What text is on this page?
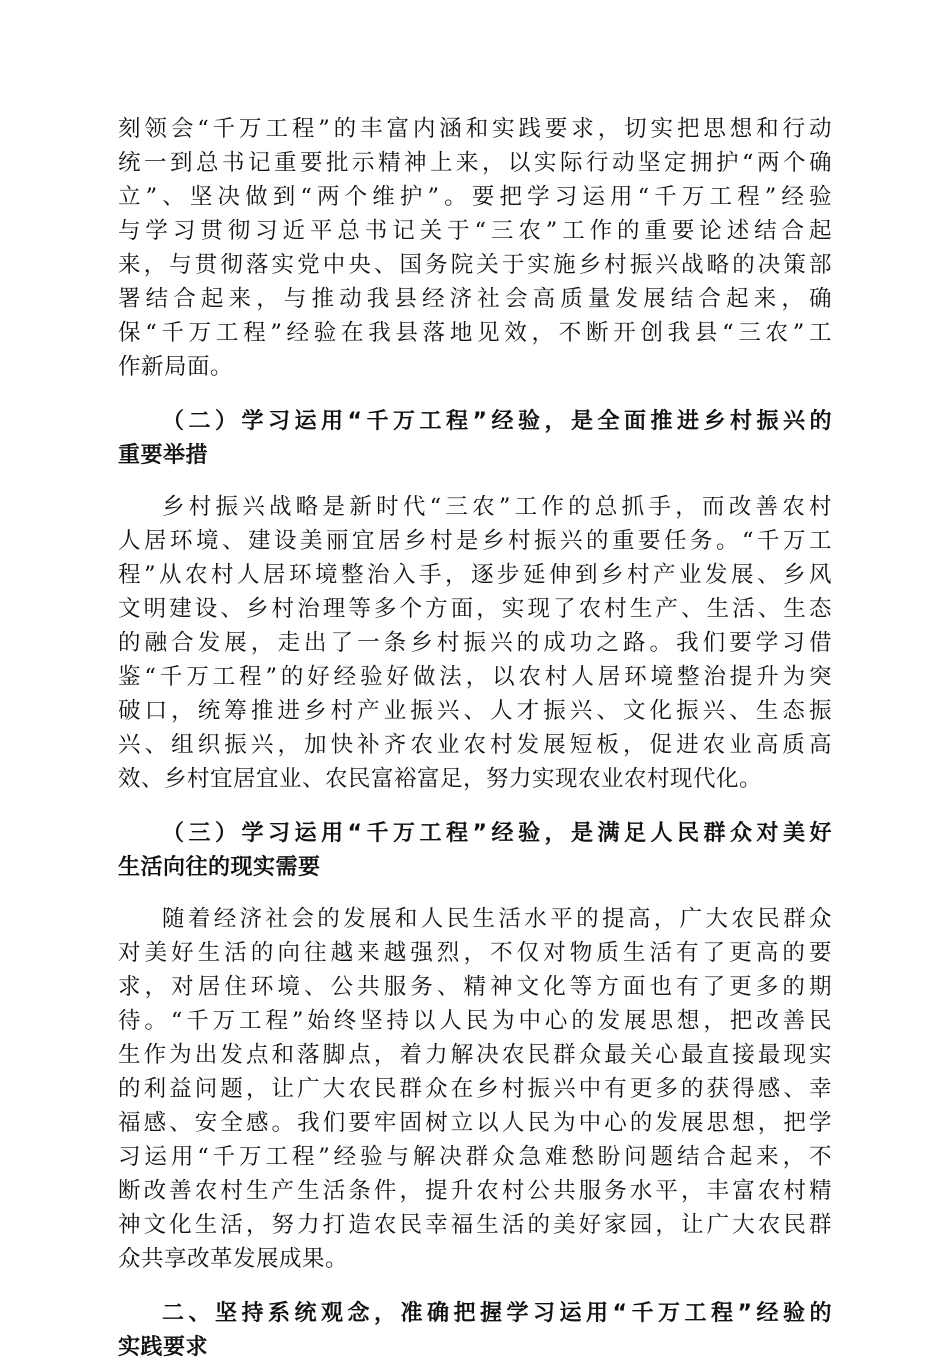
刻领会“千万工程”的丰富内涵和实践要求，切实把思想和行动
统一到总书记重要批示精神上来，以实际行动坚定拥护“两个确
立”、坚决做到“两个维护”。要把学习运用“千万工程”经验
与学习贯彻习近平总书记关于“三农”工作的重要论述结合起
来，与贯彻落实党中央、国务院关于实施乡村振兴战略的决策部
署结合起来，与推动我县经济社会高质量发展结合起来，确
保“千万工程”经验在我县落地见效，不断开创我县“三农”工
作新局面。
（二）学习运用“千万工程”经验，是全面推进乡村振兴的
重要举措
乡村振兴战略是新时代“三农”工作的总抓手，而改善农村
人居环境、建设美丽宜居乡村是乡村振兴的重要任务。“千万工
程”从农村人居环境整治入手，逐步延伸到乡村产业发展、乡风
文明建设、乡村治理等多个方面，实现了农村生产、生活、生态
的融合发展，走出了一条乡村振兴的成功之路。我们要学习借
鉴“千万工程”的好经验好做法，以农村人居环境整治提升为突
破口，统筹推进乡村产业振兴、人才振兴、文化振兴、生态振
兴、组织振兴，加快补齐农业农村发展短板，促进农业高质高
效、乡村宜居宜业、农民富裕富足，努力实现农业农村现代化。
（三）学习运用“千万工程”经验，是满足人民群众对美好
生活向往的现实需要
随着经济社会的发展和人民生活水平的提高，广大农民群众
对美好生活的向往越来越强烈，不仅对物质生活有了更高的要
求，对居住环境、公共服务、精神文化等方面也有了更多的期
待。“千万工程”始终坚持以人民为中心的发展思想，把改善民
生作为出发点和落脚点，着力解决农民群众最关心最直接最现实
的利益问题，让广大农民群众在乡村振兴中有更多的获得感、幸
福感、安全感。我们要牢固树立以人民为中心的发展思想，把学
习运用“千万工程”经验与解决群众急难愁盼问题结合起来，不
断改善农村生产生活条件，提升农村公共服务水平，丰富农村精
神文化生活，努力打造农民幸福生活的美好家园，让广大农民群
众共享改革发展成果。
二、坚持系统观念，准确把握学习运用“千万工程”经验的
实践要求
